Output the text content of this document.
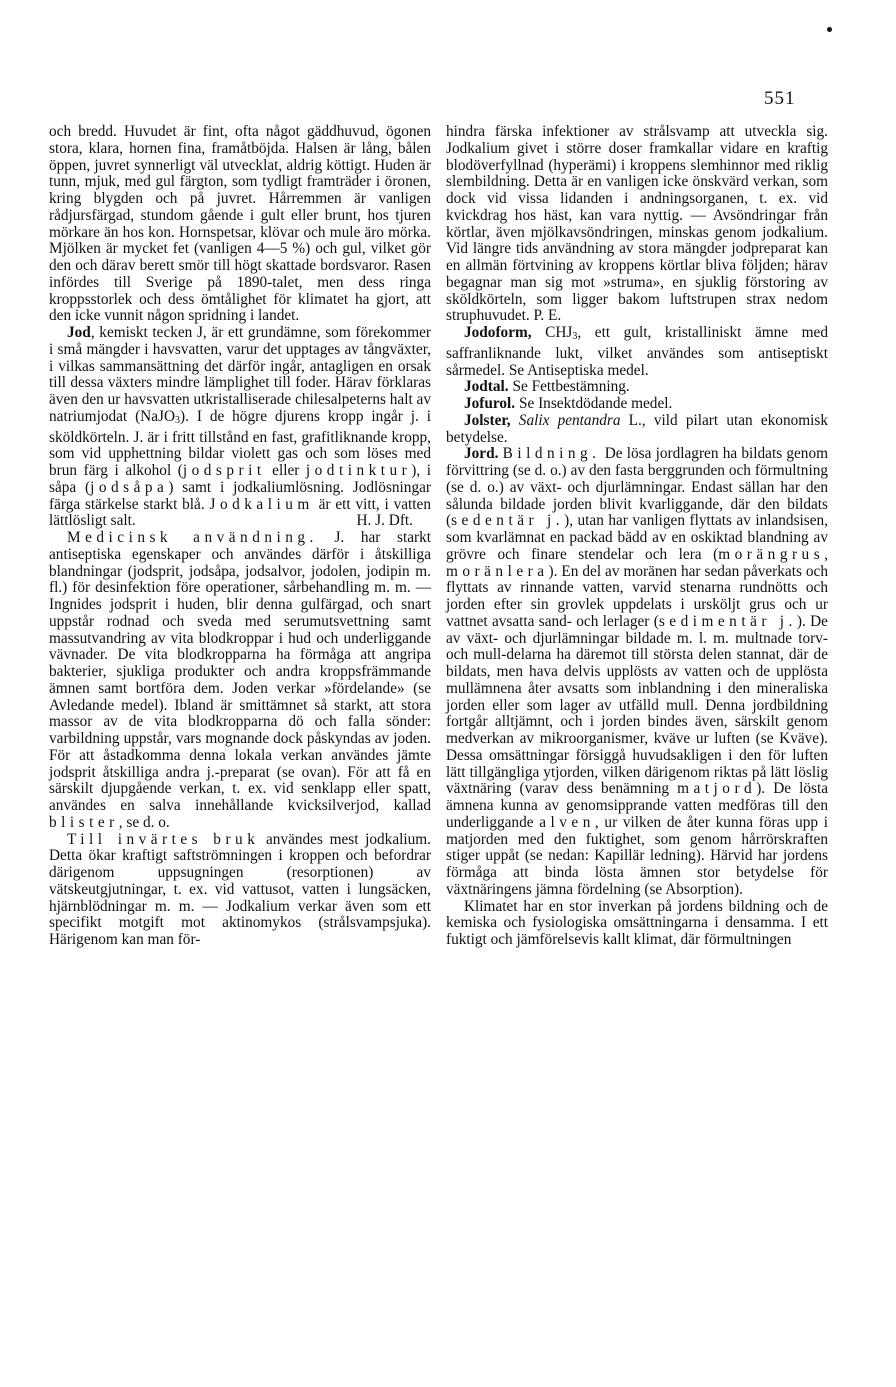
551

och bredd. Huvudet är fint, ofta något gäddhuvud, ögonen stora, klara, hornen fina, framåtböjda. Halsen är lång, bålen öppen, juvret synnerligt väl utvecklat, aldrig köttigt. Huden är tunn, mjuk, med gul färgton, som tydligt framträder i öronen, kring blygden och på juvret. Hårremmen är vanligen rådjursfärgad, stundom gående i gult eller brunt, hos tjuren mörkare än hos kon. Hornspetsar, klövar och mule äro mörka. Mjölken är mycket fet (vanligen 4—5 %) och gul, vilket gör den och därav berett smör till högt skattade bordsvaror. Rasen infördes till Sverige på 1890-talet, men dess ringa kroppsstorlek och dess ömtålighet för klimatet ha gjort, att den icke vunnit någon spridning i landet.

Jod, kemiskt tecken J, är ett grundämne, som förekommer i små mängder i havsvatten, varur det upptages av tångväxter, i vilkas sammansättning det därför ingår, antagligen en orsak till dessa växters mindre lämplighet till foder. Härav förklaras även den ur havsvatten utkristalliserade chilesalpeterns halt av natriumjodat (NaJO$_3$). I de högre djurens kropp ingår j. i sköldkörteln. J. är i fritt tillstånd en fast, grafitliknande kropp, som vid upphettning bildar violett gas och som löses med brun färg i alkohol (jodsprit eller jodtinktur), i såpa (jodsåpa) samt i jodkaliumlösning. Jodlösningar färga stärkelse starkt blå. Jodkalium är ett vitt, i vatten lättlösligt salt.	H. J. Dft.

Medicinsk användning. J. har starkt antiseptiska egenskaper och användes därför i åtskilliga blandningar (jodsprit, jodsåpa, jodsalvor, jodolen, jodipin m. fl.) för desinfektion före operationer, sårbehandling m. m. — Ingnides jodsprit i huden, blir denna gulfärgad, och snart uppstår rodnad och sveda med serumutsvettning samt massutvandring av vita blodkroppar i hud och underliggande vävnader. De vita blodkropparna ha förmåga att angripa bakterier, sjukliga produkter och andra kroppsfrämmande ämnen samt bortföra dem. Joden verkar »fördelande» (se Avledande medel). Ibland är smittämnet så starkt, att stora massor av de vita blodkropparna dö och falla sönder: varbildning uppstår, vars mognande dock påskyndas av joden. För att åstadkomma denna lokala verkan användes jämte jodsprit åtskilliga andra j.-preparat (se ovan). För att få en särskilt djupgående verkan, t. ex. vid senklapp eller spatt, användes en salva innehållande kvicksilverjod, kallad blister, se d. o.

Till invärtes bruk användes mest jodkalium. Detta ökar kraftigt saftströmningen i kroppen och befordrar därigenom uppsugningen (resorptionen) av vätskeutgjutningar, t. ex. vid vattusot, vatten i lungsäcken, hjärnblödningar m. m. — Jodkalium verkar även som ett specifikt motgift mot aktinomykos (strålsvampsjuka). Härigenom kan man för-

hindra färska infektioner av strålsvamp att utveckla sig. Jodkalium givet i större doser framkallar vidare en kraftig blodöverfyllnad (hyperämi) i kroppens slemhinnor med riklig slembildning. Detta är en vanligen icke önskvärd verkan, som dock vid vissa lidanden i andningsorganen, t. ex. vid kvickdrag hos häst, kan vara nyttig. — Avsöndringar från körtlar, även mjölkavsöndringen, minskas genom jodkalium. Vid längre tids användning av stora mängder jodpreparat kan en allmän förtvining av kroppens körtlar bliva följden; härav begagnar man sig mot »struma», en sjuklig förstoring av sköldkörteln, som ligger bakom luftstrupen strax nedom struphuvudet. P. E.

Jodoform, $CHJ_3$, ett gult, kristalliniskt ämne med saffranliknande lukt, vilket användes som antiseptiskt sårmedel. Se Antiseptiska medel.

Jodtal. Se Fettbestämning.

Jofurol. Se Insektdödande medel.

Jolster, Salix pentandra L., vild pilart utan ekonomisk betydelse.

Jord. Bildning. De lösa jordlagren ha bildats genom förvittring (se d. o.) av den fasta berggrunden och förmultning (se d. o.) av växt- och djurlämningar. Endast sällan har den sålunda bildade jorden blivit kvarliggande, där den bildats (sedentär j.), utan har vanligen flyttats av inlandsisen, som kvarlämnat en packad bädd av en oskiktad blandning av grövre och finare stendelar och lera (morängrus, moränlera). En del av moränen har sedan påverkats och flyttats av rinnande vatten, varvid stenarna rundnötts och jorden efter sin grovlek uppdelats i ursköljt grus och ur vattnet avsatta sand- och lerlager (sedimentär j.). De av växt- och djurlämningar bildade m. l. m. multnade torv- och mull-delarna ha däremot till största delen stannat, där de bildats, men hava delvis upplösts av vatten och de upplösta mullämnena åter avsatts som inblandning i den mineraliska jorden eller som lager av utfälld mull. Denna jordbildning fortgår alltjämnt, och i jorden bindes även, särskilt genom medverkan av mikroorganismer, kväve ur luften (se Kväve). Dessa omsättningar försiggå huvudsakligen i den för luften lätt tillgängliga ytjorden, vilken därigenom riktas på lätt löslig växtnäring (varav dess benämning matjord). De lösta ämnena kunna av genomsipprande vatten medföras till den underliggande alven, ur vilken de åter kunna föras upp i matjorden med den fuktighet, som genom hårrörskraften stiger uppåt (se nedan: Kapillär ledning). Härvid har jordens förmåga att binda lösta ämnen stor betydelse för växtnäringens jämna fördelning (se Absorption).

Klimatet har en stor inverkan på jordens bildning och de kemiska och fysiologiska omsättningarna i densamma. I ett fuktigt och jämförelsevis kallt klimat, där förmultningen
